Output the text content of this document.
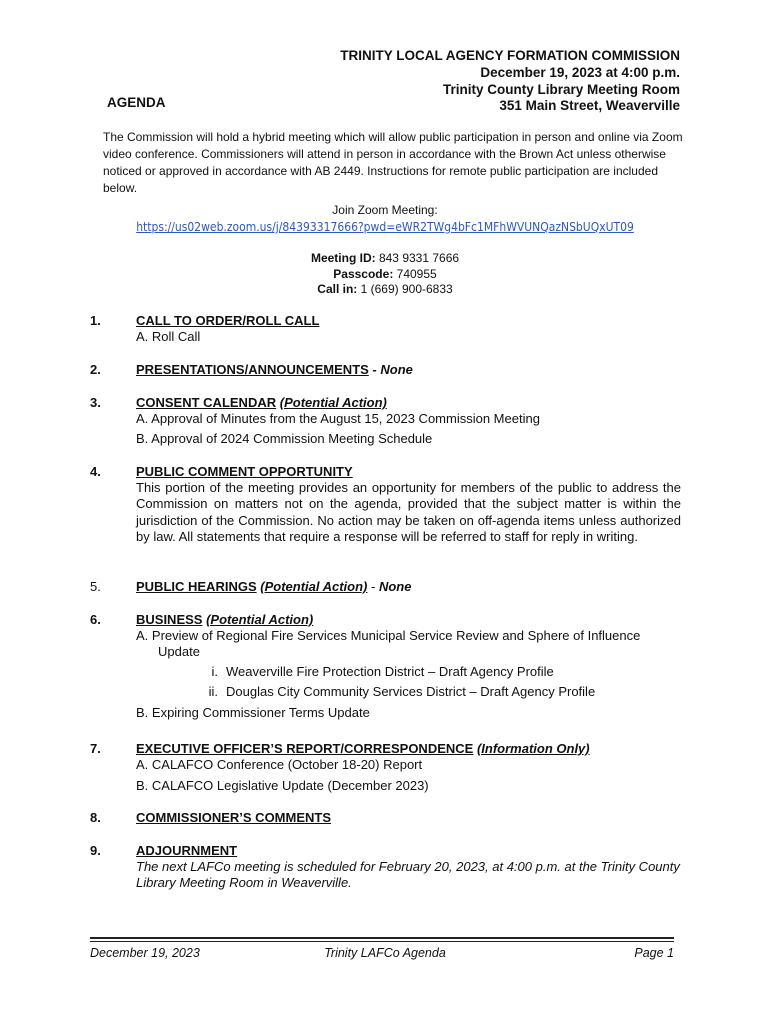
TRINITY LOCAL AGENCY FORMATION COMMISSION
December 19, 2023 at 4:00 p.m.
Trinity County Library Meeting Room
351 Main Street, Weaverville
AGENDA
The Commission will hold a hybrid meeting which will allow public participation in person and online via Zoom video conference. Commissioners will attend in person in accordance with the Brown Act unless otherwise noticed or approved in accordance with AB 2449. Instructions for remote public participation are included below.
Join Zoom Meeting:
https://us02web.zoom.us/j/84393317666?pwd=eWR2TWg4bFc1MFhWVUNQazNSbUQxUT09
Meeting ID: 843 9331 7666
Passcode: 740955
Call in: 1 (669) 900-6833
1.	CALL TO ORDER/ROLL CALL
A. Roll Call
2.	PRESENTATIONS/ANNOUNCEMENTS - None
3.	CONSENT CALENDAR (Potential Action)
A. Approval of Minutes from the August 15, 2023 Commission Meeting
B. Approval of 2024 Commission Meeting Schedule
4.	PUBLIC COMMENT OPPORTUNITY
This portion of the meeting provides an opportunity for members of the public to address the Commission on matters not on the agenda, provided that the subject matter is within the jurisdiction of the Commission. No action may be taken on off-agenda items unless authorized by law. All statements that require a response will be referred to staff for reply in writing.
5.	PUBLIC HEARINGS (Potential Action) - None
6.	BUSINESS (Potential Action)
A. Preview of Regional Fire Services Municipal Service Review and Sphere of Influence
Update
i. Weaverville Fire Protection District – Draft Agency Profile
ii. Douglas City Community Services District – Draft Agency Profile
B. Expiring Commissioner Terms Update
7.	EXECUTIVE OFFICER’S REPORT/CORRESPONDENCE (Information Only)
A. CALAFCO Conference (October 18-20) Report
B. CALAFCO Legislative Update (December 2023)
8.	COMMISSIONER’S COMMENTS
9.	ADJOURNMENT
The next LAFCo meeting is scheduled for February 20, 2023, at 4:00 p.m. at the Trinity County Library Meeting Room in Weaverville.
December 19, 2023	Trinity LAFCo Agenda	Page 1
